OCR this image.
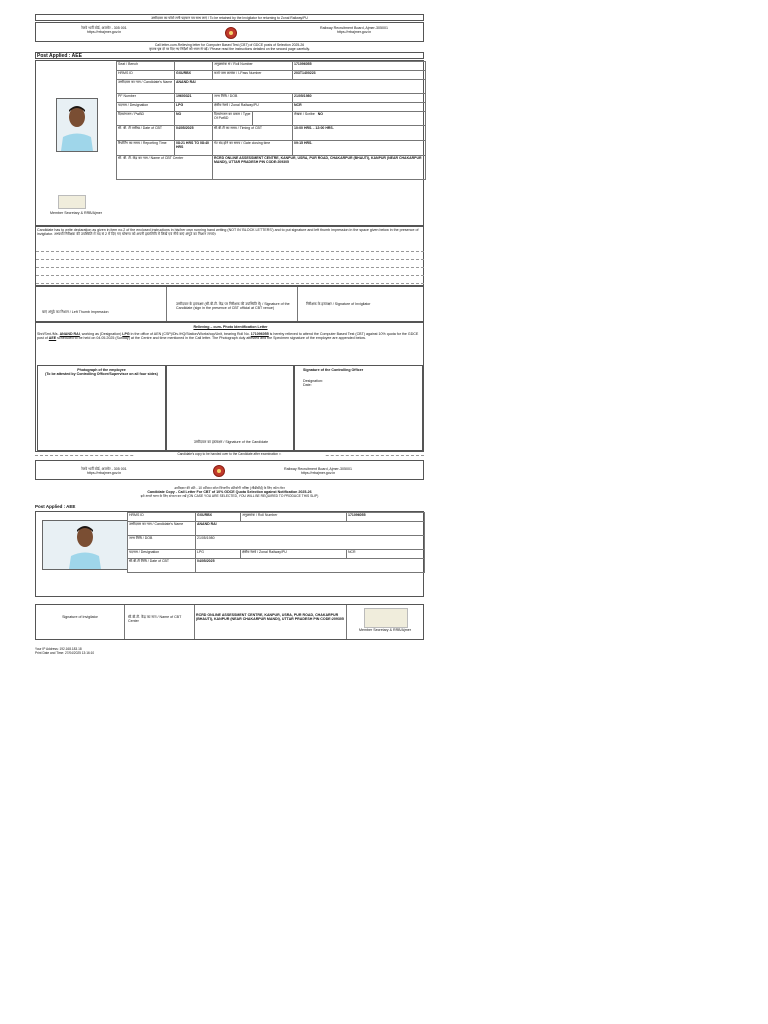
उम्मीदवार का फोटो लगी पहचान पत्र साथ लाएं / To be retained by the Invigilator for returning to Zonal Railway/PU
रेलवे भर्ती बोर्ड, अजमेर - 305 001
https://rrbajmer.gov.in
Railway Recruitment Board, Ajmer-305001
https://rrbajmer.gov.in
Call letter-cum-Relieving letter for Computer Based Test (CBT) of GDCE posts of Selection 2025-26
कृपया पृष्ठ दो पर दिए गए निर्देशों को ध्यान से पढ़ें / Please read the instructions detailed on the second page carefully.
Post Applied : AEE
Member Secretary & RRB/Ajmer
Seat / Bench		अनुक्रमांक सं / Roll Number		171096055
HRMS ID	GXURBX	कार्य पास क्रमांक / I-Pass Number		203T1400223
उम्मीदवार का नाम / Candidate's Name	ANAND RAI			
PF Number	19600321	जन्म तिथि / DOB		21/05/1980
पदनाम / Designation	LPG	क्षेत्रीय रेलवे / Zonal Railway/PU		NCR
दिव्यांगजन / PwBD	NO	दिव्यांगजन का प्रकार / Type Of PwBD		लेखक / Scribe NO
सी. बी. टी तारीख / Date of CBT	04/05/2025	सी.बी.टी का समय / Timing of CBT		10:00 HRS. - 12:00 HRS.
रिपोर्टिंग का समय / Reporting Time	08:21 HRS TO 08:40 HRS	गेट बंद होने का समय / Gate closing time		09:15 HRS.
सी. बी. टी. केंद्र का नाम / Name of CBT Center		RCRD ONLINE ASSESSMENT CENTRE, KANPUR, USRA, PUR ROAD, CHAKARPUR (BHAUTI), KANPUR (NEAR CHAKARPUR MANDI), UTTAR PRADESH PIN CODE:209305		
Candidate has to write declaration as given in item no.2 of the enclosed instructions in his/her own running hand writing (NOT IN 'BLOCK LETTERS') and to put signature and left thumb impression in the space given below in the presence of invigilator. अभ्यर्थी निरीक्षक की उपस्थिति में मद सं 2 में दिए गए घोषणा को अपनी हस्तलिपि में लिखें एवं नीचे बाएं अंगूठे का निशान लगाएं।
बाएं अंगूठे का निशान / Left Thumb Impression
उम्मीदवार के हस्ताक्षर (सी.बी.टी. केंद्र पर निरीक्षक की उपस्थिति में) / Signature of the Candidate (sign in the presence of CBT official at CBT venue)
निरीक्षक के हस्ताक्षर / Signature of Invigilator
Relieving – cum- Photo Identification Letter
Shri/Smt./Ms. ANAND RAI, working as (Designation) LPG in the office of AEN (CSP)/Div./HQ/Station/Workshop/Unit, bearing Roll No. 171096055 is hereby relieved to attend the Computer Based Test (CBT) against 10% quota for the GDCE post of AEE scheduled to be held on 04.05.2025 (Sunday) at the Centre and time mentioned in the Call letter. The Photograph duly attested and the Specimen signature of the employee are appended below.
Photograph of the employee
(To be attested by Controlling Officer/Supervisor on all four sides)
उम्मीदवार का हस्ताक्षर / Signature of the Candidate
Signature of the Controlling Officer
Designation:
Date:
Candidate's copy to be handed over to the Candidate after examination ✂
रेलवे भर्ती बोर्ड, अजमेर - 305 001
https://rrbajmer.gov.in
Railway Recruitment Board, Ajmer-305001
https://rrbajmer.gov.in
उम्मीदवार की प्रति - 10 प्रतिशत कोटा विभागीय प्रतियोगी परीक्षा (जीडीसीई) के लिए कॉल लेटर
Candidate Copy - Call Letter For CBT of 10% GDCE Quota Selection against Notification 2025-26
इसे अगले चरण के लिए संभाल कर रखें (ON CASE YOU ARE SELECTED, YOU WILL BE REQUIRED TO PRODUCE THIS SLIP)
Post Applied : AEE
HRMS ID	GXURBX	अनुक्रमांक / Roll Number	171096055
उम्मीदवार का नाम / Candidate's Name	ANAND RAI		
जन्म तिथि / DOB	21/05/1980		
पदनाम / Designation	LPG	क्षेत्रीय रेलवे / Zonal Railway/PU	NCR
सी.बी.टी तिथि / Date of CBT	04/05/2025		
Signature of Invigilator	सी.बी.टी. केंद्र का नाम / Name of CBT Center
RCRD ONLINE ASSESSMENT CENTRE, KANPUR, USRA, PUR ROAD, CHAKARPUR (BHAUTI), KANPUR (NEAR CHAKARPUR MANDI), UTTAR PRADESH PIN CODE:209305
Member Secretary & RRB/Ajmer
Your IP Address: 192.168.183.18
Print Date and Time: 27/04/2025 13:16:10
